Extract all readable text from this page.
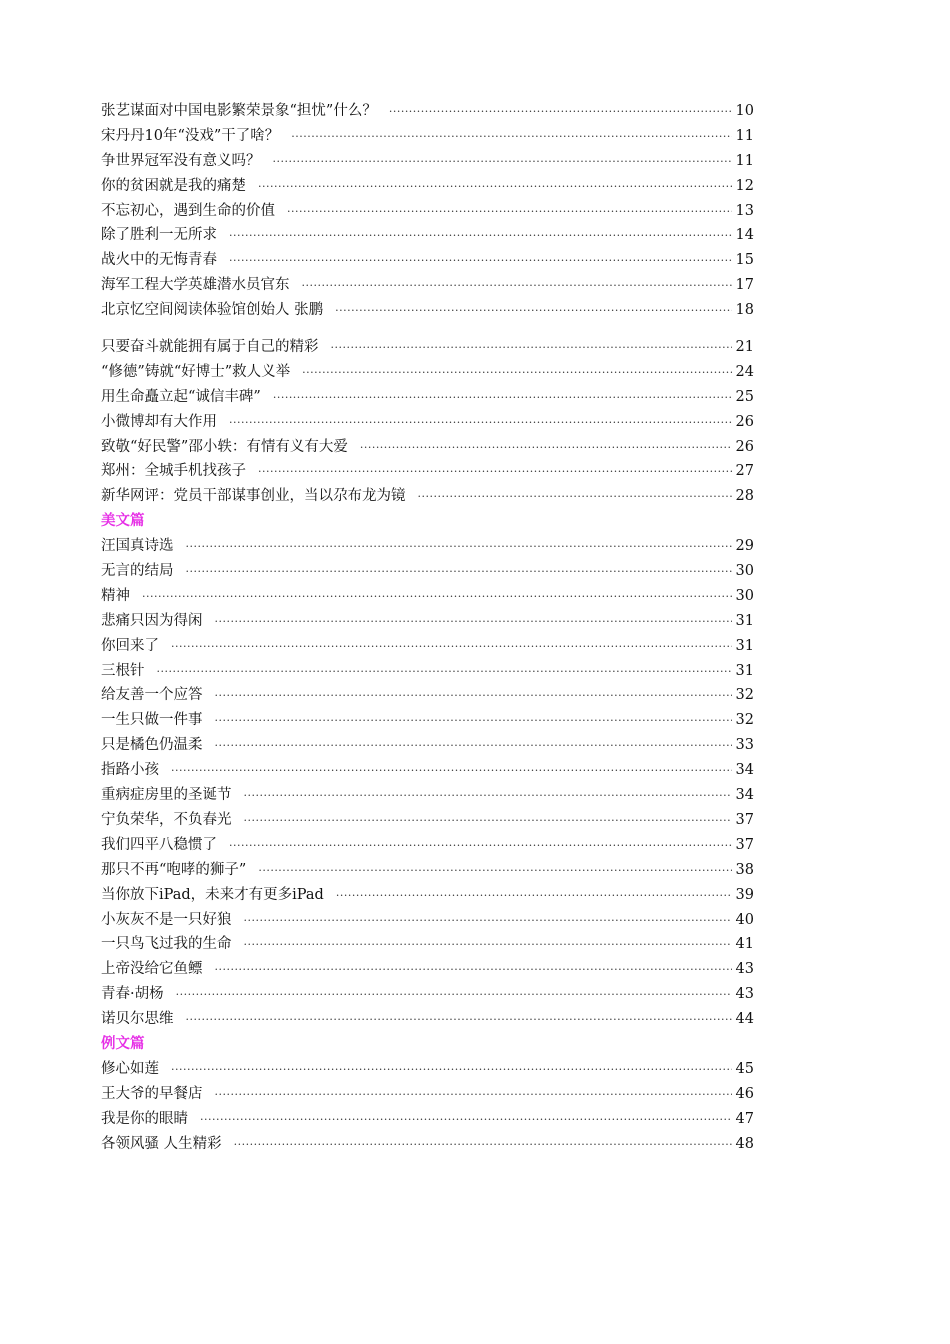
张艺谋面对中国电影繁荣景象“担忧”什么？ ·····	10
宋丹丹10年“没戏”干了啥？ ·····	11
争世界冠军没有意义吗？ ·····	11
你的贫困就是我的痛楚 ·····	12
不忘初心，遇到生命的价值 ·····	13
除了胜利一无所求 ·····	14
战火中的无悔青春 ·····	15
海军工程大学英雄潜水员官东 ·····	17
北京忆空间阅读体验馆创始人 张鹏 ·····	18
只要奋斗就能拥有属于自己的精彩 ·····	21
“修德”铸就“好博士”救人义举 ·····	24
用生命矗立起“诚信丰碑” ·····	25
小微博却有大作用 ·····	26
致敬“好民警”邵小轶：有情有义有大爱 ·····	26
郑州：全城手机找孩子 ·····	27
新华网评：党员干部谋事创业，当以尕布龙为镜 ·····	28
美文篇
汪国真诗选 ·····	29
无言的结局 ·····	30
精神 ·····	30
悲痛只因为得闲 ·····	31
你回来了 ·····	31
三根针 ·····	31
给友善一个应答 ·····	32
一生只做一件事 ·····	32
只是橘色仍温柔 ·····	33
指路小孩 ·····	34
重病症房里的圣诞节 ·····	34
宁负荣华，不负春光 ·····	37
我们四平八稳惯了 ·····	37
那只不再“咆哮的狮子” ·····	38
当你放下iPad，未来才有更多iPad ·····	39
小灰灰不是一只好狼 ·····	40
一只鸟飞过我的生命 ·····	41
上帝没给它鱼鳔 ·····	43
青春·胡杨 ·····	43
诺贝尔思维 ·····	44
例文篇
修心如莲 ·····	45
王大爷的早餐店 ·····	46
我是你的眼睛 ·····	47
各领风骚 人生精彩 ·····	48
